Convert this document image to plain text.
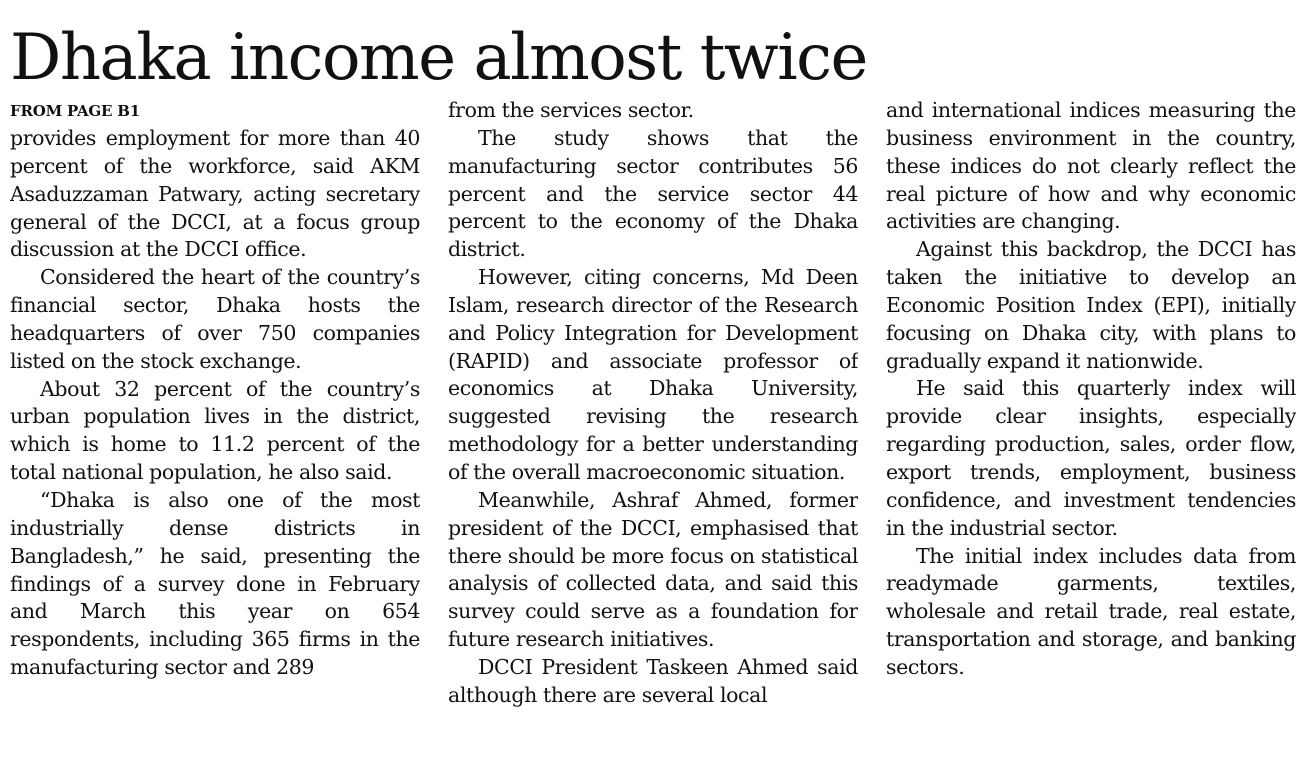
Dhaka income almost twice
FROM PAGE B1

provides employment for more than 40 percent of the workforce, said AKM Asaduzzaman Patwary, acting secretary general of the DCCI, at a focus group discussion at the DCCI office.

Considered the heart of the country’s financial sector, Dhaka hosts the headquarters of over 750 companies listed on the stock exchange.

About 32 percent of the country’s urban population lives in the district, which is home to 11.2 percent of the total national population, he also said.

“Dhaka is also one of the most industrially dense districts in Bangladesh,” he said, presenting the findings of a survey done in February and March this year on 654 respondents, including 365 firms in the manufacturing sector and 289

from the services sector.

The study shows that the manufacturing sector contributes 56 percent and the service sector 44 percent to the economy of the Dhaka district.

However, citing concerns, Md Deen Islam, research director of the Research and Policy Integration for Development (RAPID) and associate professor of economics at Dhaka University, suggested revising the research methodology for a better understanding of the overall macroeconomic situation.

Meanwhile, Ashraf Ahmed, former president of the DCCI, emphasised that there should be more focus on statistical analysis of collected data, and said this survey could serve as a foundation for future research initiatives.

DCCI President Taskeen Ahmed said although there are several local

and international indices measuring the business environment in the country, these indices do not clearly reflect the real picture of how and why economic activities are changing.

Against this backdrop, the DCCI has taken the initiative to develop an Economic Position Index (EPI), initially focusing on Dhaka city, with plans to gradually expand it nationwide.

He said this quarterly index will provide clear insights, especially regarding production, sales, order flow, export trends, employment, business confidence, and investment tendencies in the industrial sector.

The initial index includes data from readymade garments, textiles, wholesale and retail trade, real estate, transportation and storage, and banking sectors.
